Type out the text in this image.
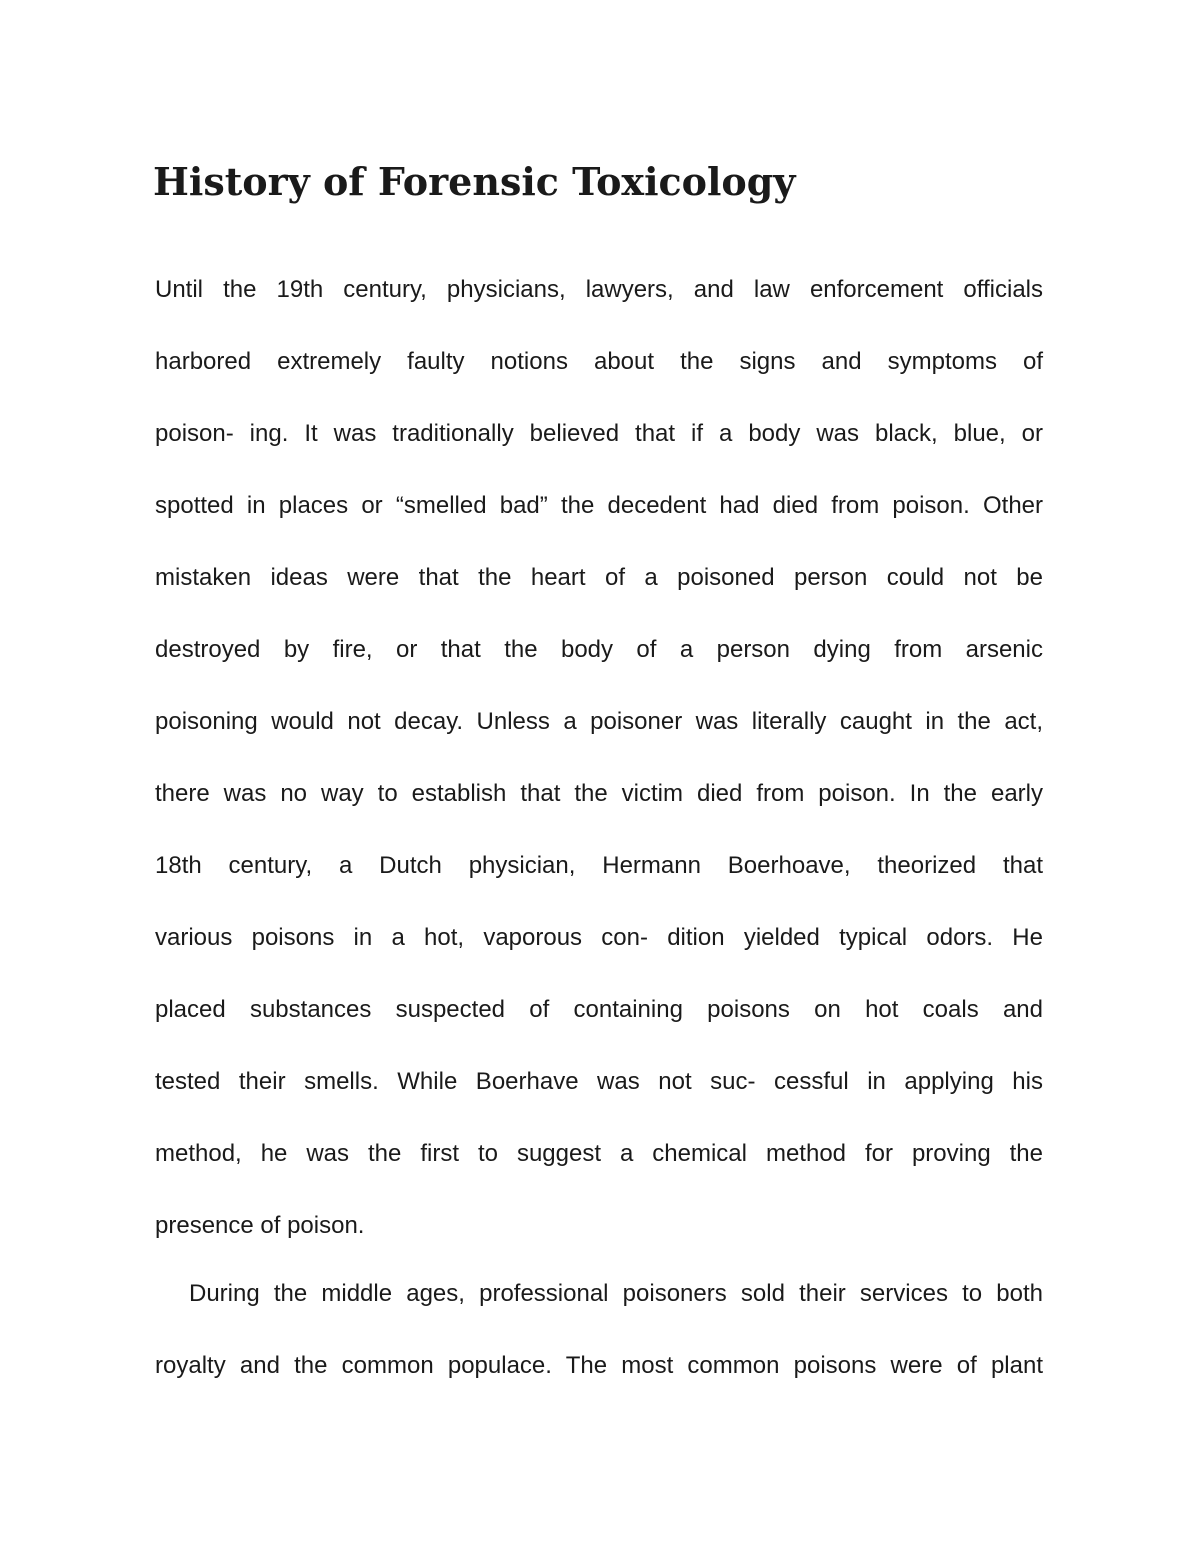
History of Forensic Toxicology
Until the 19th century, physicians, lawyers, and law enforcement officials
harbored extremely faulty notions about the signs and symptoms of
poison- ing. It was traditionally believed that if a body was black, blue, or
spotted in places or “smelled bad” the decedent had died from poison. Other
mistaken ideas were that the heart of a poisoned person could not be
destroyed by fire, or that the body of a person dying from arsenic
poisoning would not decay. Unless a poisoner was literally caught in the act,
there was no way to establish that the victim died from poison. In the early
18th century, a Dutch physician, Hermann Boerhoave, theorized that
various poisons in a hot, vaporous con- dition yielded typical odors. He
placed substances suspected of containing poisons on hot coals and
tested their smells. While Boerhave was not suc- cessful in applying his
method, he was the first to suggest a chemical method for proving the
presence of poison.
During the middle ages, professional poisoners sold their services to both
royalty and the common populace. The most common poisons were of plant
